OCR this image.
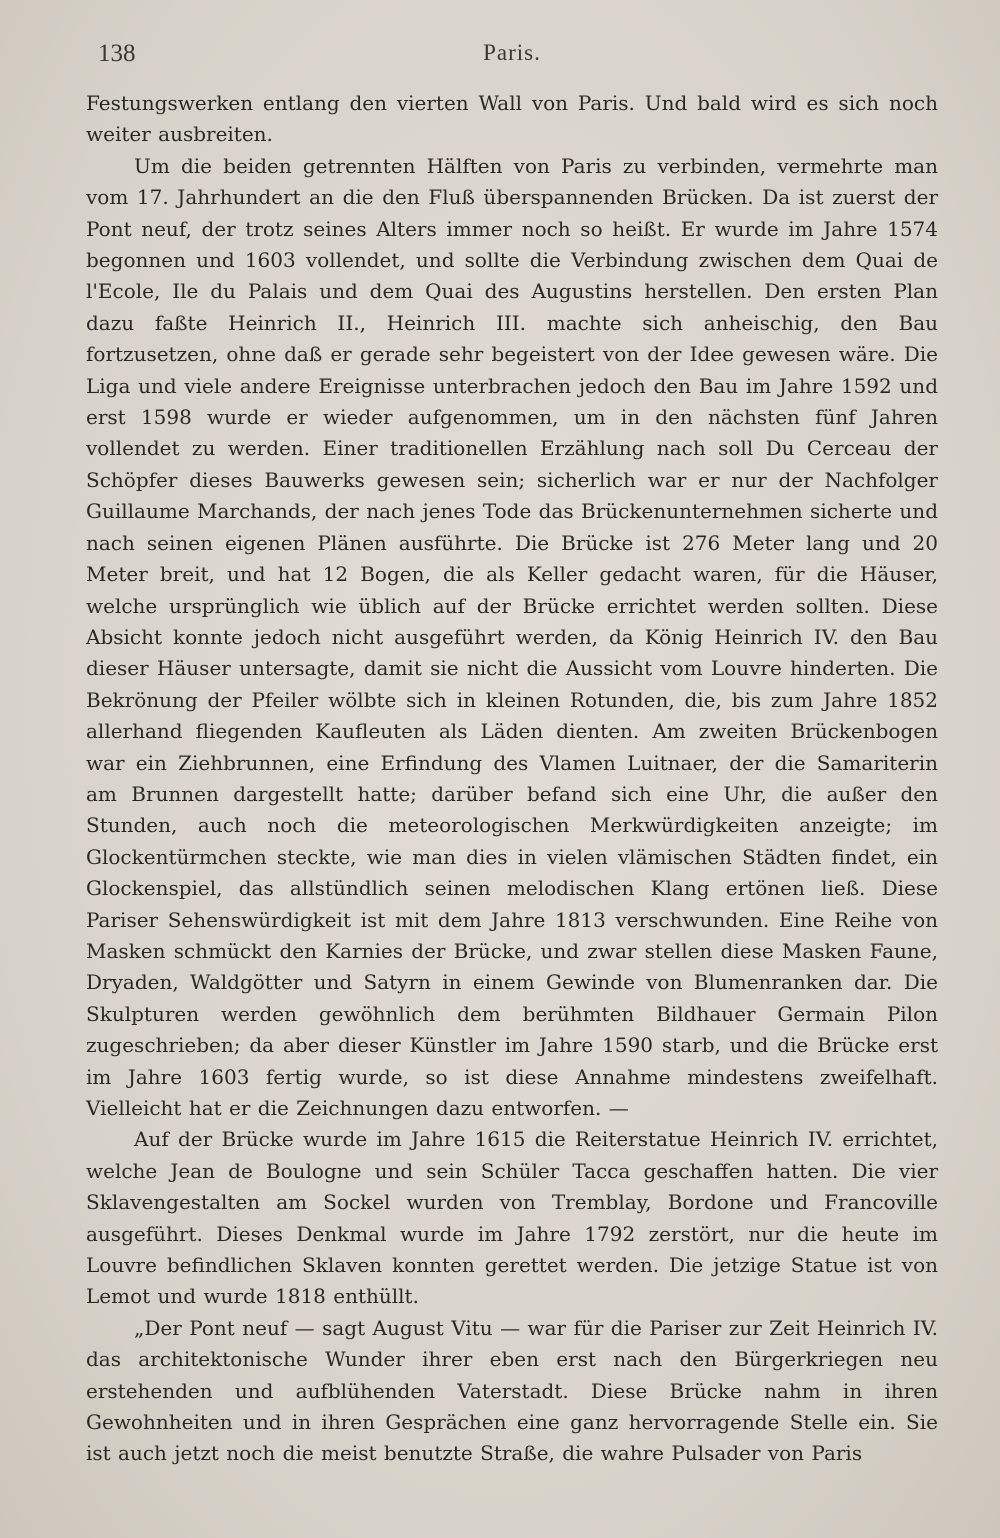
138	Paris.

Festungswerken entlang den vierten Wall von Paris. Und bald wird es sich noch weiter ausbreiten.

Um die beiden getrennten Hälften von Paris zu verbinden, vermehrte man vom 17. Jahrhundert an die den Fluß überspannenden Brücken. Da ist zuerst der Pont neuf, der trotz seines Alters immer noch so heißt. Er wurde im Jahre 1574 begonnen und 1603 vollendet, und sollte die Verbindung zwischen dem Quai de l'Ecole, Ile du Palais und dem Quai des Augustins herstellen. Den ersten Plan dazu faßte Heinrich II., Heinrich III. machte sich anheischig, den Bau fortzusetzen, ohne daß er gerade sehr begeistert von der Idee gewesen wäre. Die Liga und viele andere Ereignisse unterbrachen jedoch den Bau im Jahre 1592 und erst 1598 wurde er wieder aufgenommen, um in den nächsten fünf Jahren vollendet zu werden. Einer traditionellen Erzählung nach soll Du Cerceau der Schöpfer dieses Bauwerks gewesen sein; sicherlich war er nur der Nachfolger Guillaume Marchands, der nach jenes Tode das Brückenunternehmen sicherte und nach seinen eigenen Plänen ausführte. Die Brücke ist 276 Meter lang und 20 Meter breit, und hat 12 Bogen, die als Keller gedacht waren, für die Häuser, welche ursprünglich wie üblich auf der Brücke errichtet werden sollten. Diese Absicht konnte jedoch nicht ausgeführt werden, da König Heinrich IV. den Bau dieser Häuser untersagte, damit sie nicht die Aussicht vom Louvre hinderten. Die Bekrönung der Pfeiler wölbte sich in kleinen Rotunden, die, bis zum Jahre 1852 allerhand fliegenden Kaufleuten als Läden dienten. Am zweiten Brückenbogen war ein Ziehbrunnen, eine Erfindung des Vlamen Luitnaer, der die Samariterin am Brunnen dargestellt hatte; darüber befand sich eine Uhr, die außer den Stunden, auch noch die meteorologischen Merkwürdigkeiten anzeigte; im Glockentürmchen steckte, wie man dies in vielen vlämischen Städten findet, ein Glockenspiel, das allstündlich seinen melodischen Klang ertönen ließ. Diese Pariser Sehenswürdigkeit ist mit dem Jahre 1813 verschwunden. Eine Reihe von Masken schmückt den Karnies der Brücke, und zwar stellen diese Masken Faune, Dryaden, Waldgötter und Satyrn in einem Gewinde von Blumenranken dar. Die Skulpturen werden gewöhnlich dem berühmten Bildhauer Germain Pilon zugeschrieben; da aber dieser Künstler im Jahre 1590 starb, und die Brücke erst im Jahre 1603 fertig wurde, so ist diese Annahme mindestens zweifelhaft. Vielleicht hat er die Zeichnungen dazu entworfen. —

Auf der Brücke wurde im Jahre 1615 die Reiterstatue Heinrich IV. errichtet, welche Jean de Boulogne und sein Schüler Tacca geschaffen hatten. Die vier Sklavengestalten am Sockel wurden von Tremblay, Bordone und Francoville ausgeführt. Dieses Denkmal wurde im Jahre 1792 zerstört, nur die heute im Louvre befindlichen Sklaven konnten gerettet werden. Die jetzige Statue ist von Lemot und wurde 1818 enthüllt.

„Der Pont neuf — sagt August Vitu — war für die Pariser zur Zeit Heinrich IV. das architektonische Wunder ihrer eben erst nach den Bürgerkriegen neu erstehenden und aufblühenden Vaterstadt. Diese Brücke nahm in ihren Gewohnheiten und in ihren Gesprächen eine ganz hervorragende Stelle ein. Sie ist auch jetzt noch die meist benutzte Straße, die wahre Pulsader von Paris
